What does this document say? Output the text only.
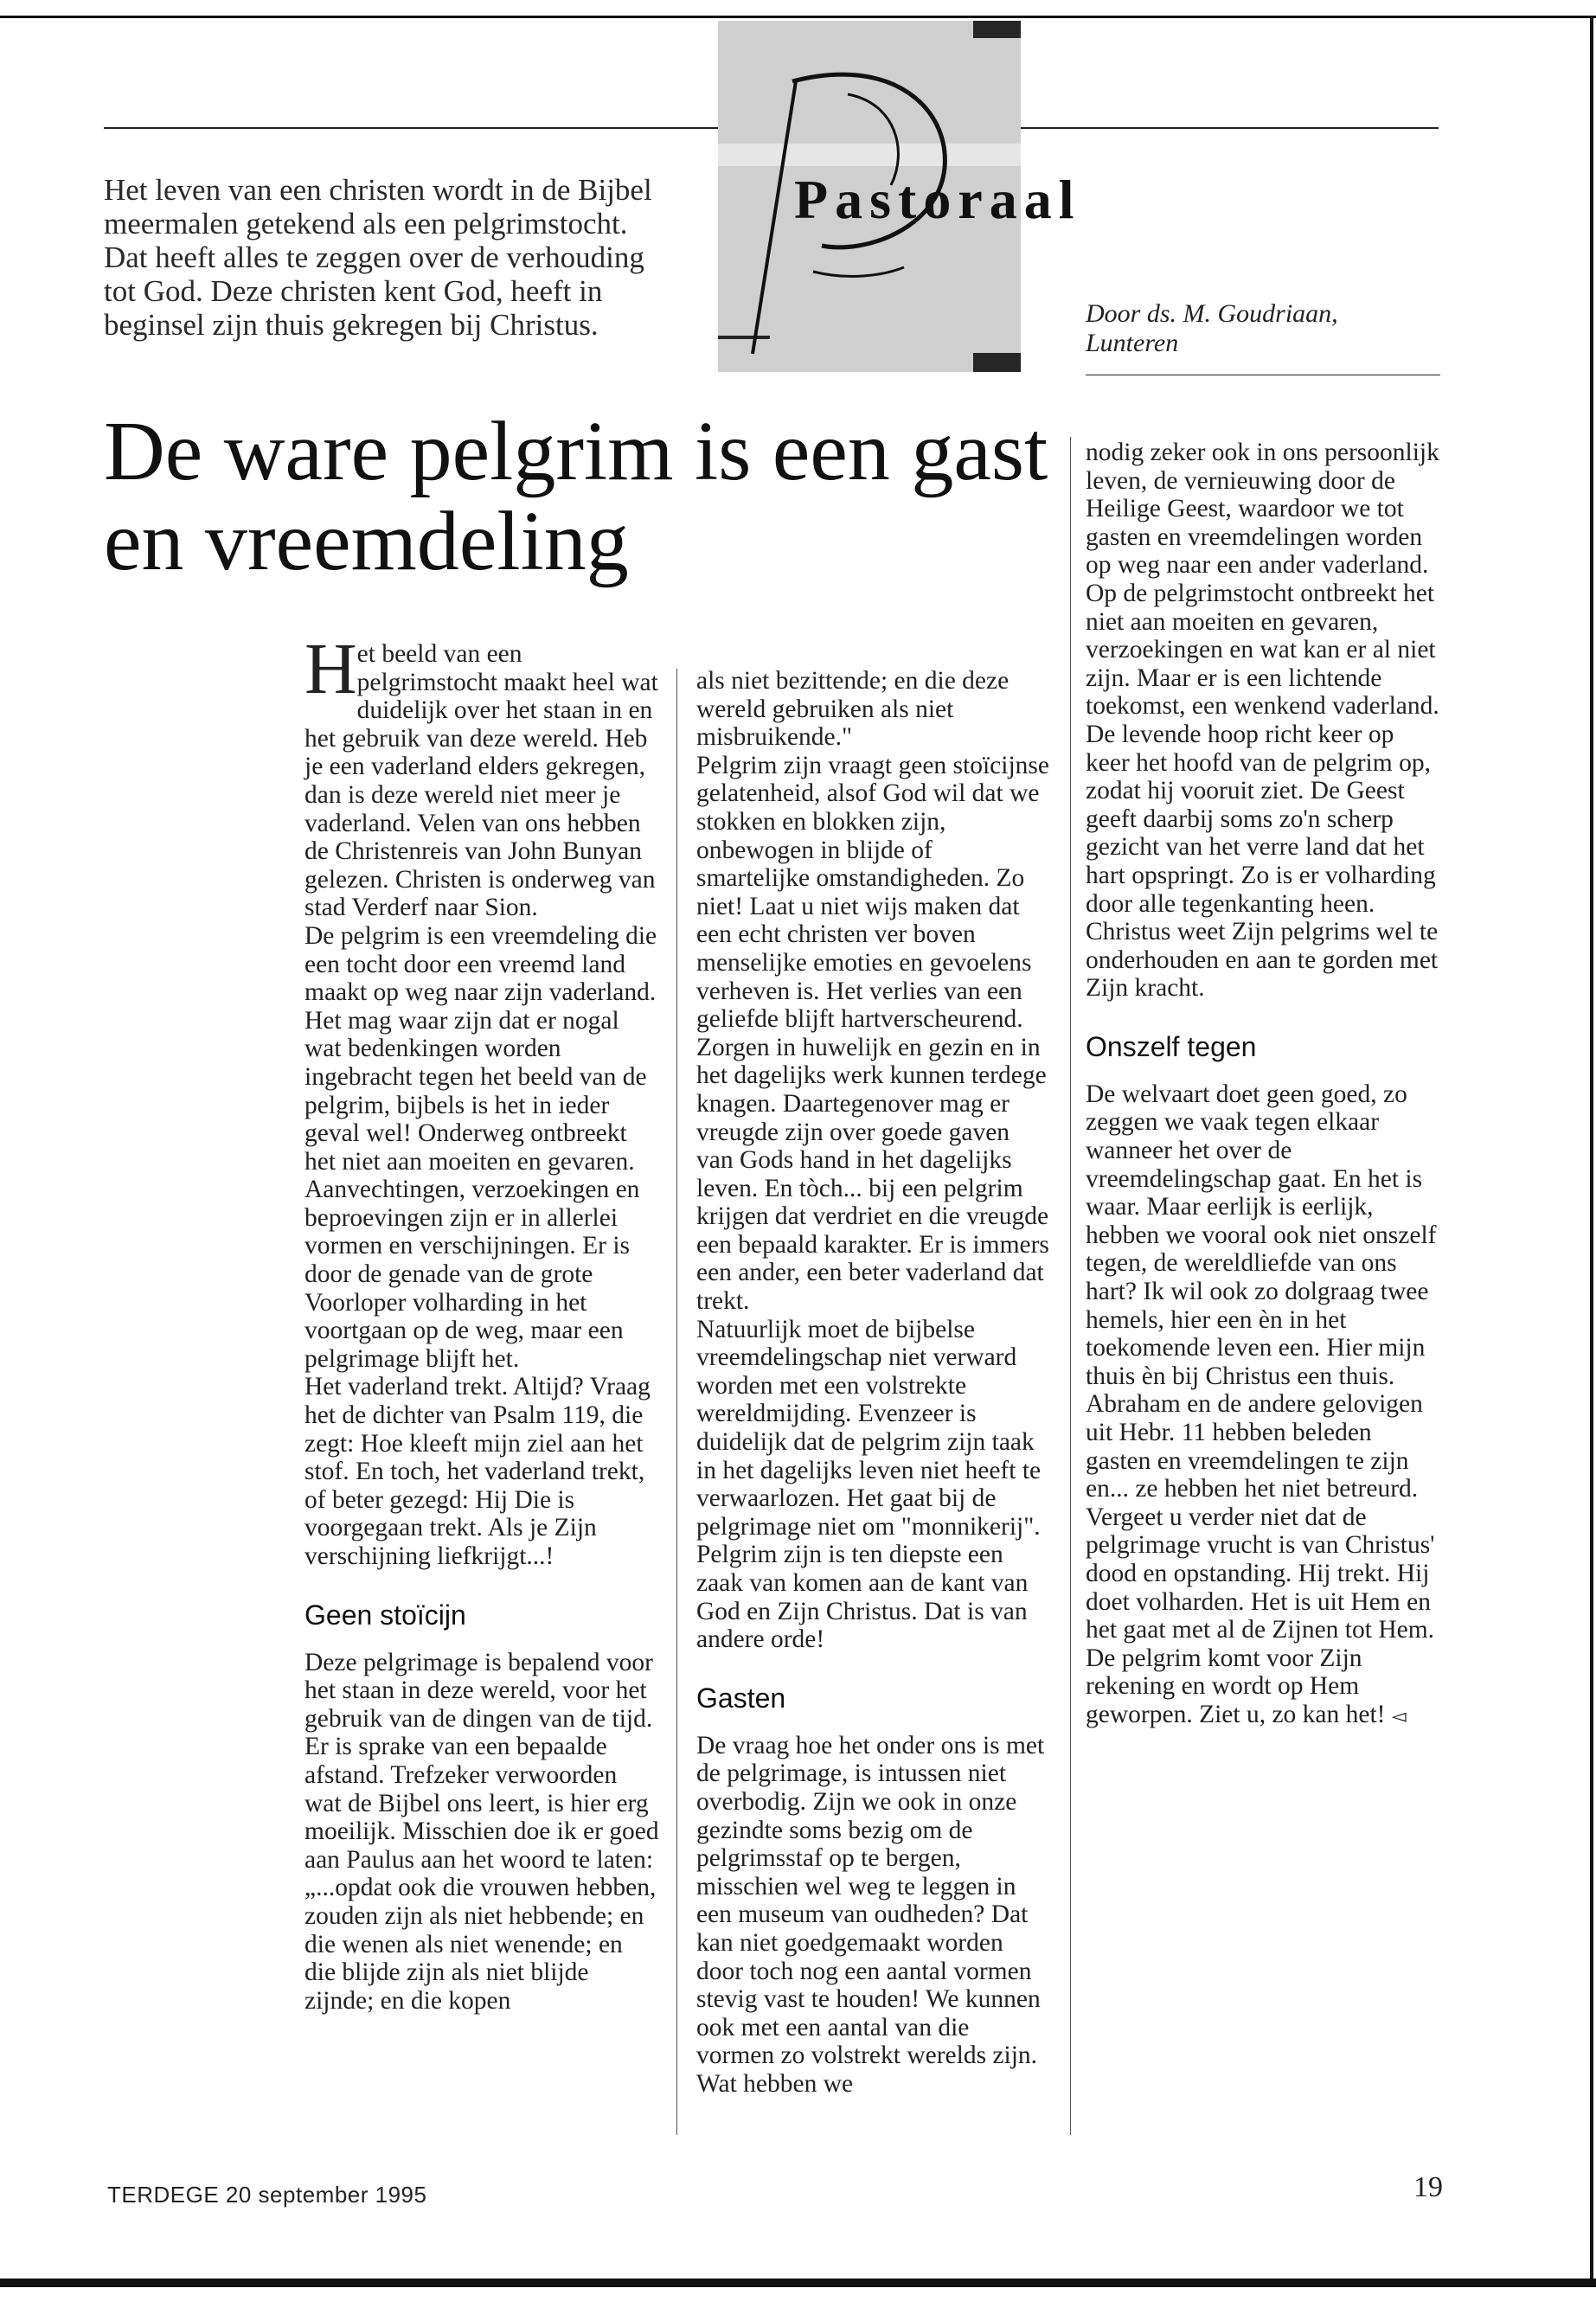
Het leven van een christen wordt in de Bijbel meermalen getekend als een pelgrimstocht. Dat heeft alles te zeggen over de verhouding tot God. Deze christen kent God, heeft in beginsel zijn thuis gekregen bij Christus.
Pastoraal
Door ds. M. Goudriaan,
Lunteren
De ware pelgrim is een gast
en vreemdeling

Het beeld van een pelgrimstocht maakt heel wat duidelijk over het staan in en het gebruik van deze wereld. Heb je een vaderland elders gekregen, dan is deze wereld niet meer je vaderland. Velen van ons hebben de Christenreis van John Bunyan gelezen. Christen is onderweg van stad Verderf naar Sion.

De pelgrim is een vreemdeling die een tocht door een vreemd land maakt op weg naar zijn vaderland. Het mag waar zijn dat er nogal wat bedenkingen worden ingebracht tegen het beeld van de pelgrim, bijbels is het in ieder geval wel! Onderweg ontbreekt het niet aan moeiten en gevaren. Aanvechtingen, verzoekingen en beproevingen zijn er in allerlei vormen en verschijningen. Er is door de genade van de grote Voorloper volharding in het voortgaan op de weg, maar een pelgrimage blijft het.

Het vaderland trekt. Altijd? Vraag het de dichter van Psalm 119, die zegt: Hoe kleeft mijn ziel aan het stof. En toch, het vaderland trekt, of beter gezegd: Hij Die is voorgegaan trekt. Als je Zijn verschijning liefkrijgt...!

Geen stoïcijn

Deze pelgrimage is bepalend voor het staan in deze wereld, voor het gebruik van de dingen van de tijd. Er is sprake van een bepaalde afstand. Trefzeker verwoorden wat de Bijbel ons leert, is hier erg moeilijk. Misschien doe ik er goed aan Paulus aan het woord te laten:

„...opdat ook die vrouwen hebben, zouden zijn als niet hebbende; en die wenen als niet wenende; en die blijde zijn als niet blijde zijnde; en die kopen

als niet bezittende; en die deze wereld gebruiken als niet misbruikende."

Pelgrim zijn vraagt geen stoïcijnse gelatenheid, alsof God wil dat we stokken en blokken zijn, onbewogen in blijde of smartelijke omstandigheden. Zo niet! Laat u niet wijs maken dat een echt christen ver boven menselijke emoties en gevoelens verheven is. Het verlies van een geliefde blijft hartverscheurend. Zorgen in huwelijk en gezin en in het dagelijks werk kunnen terdege knagen. Daartegenover mag er vreugde zijn over goede gaven van Gods hand in het dagelijks leven. En tòch... bij een pelgrim krijgen dat verdriet en die vreugde een bepaald karakter. Er is immers een ander, een beter vaderland dat trekt.

Natuurlijk moet de bijbelse vreemdelingschap niet verward worden met een volstrekte wereldmijding. Evenzeer is duidelijk dat de pelgrim zijn taak in het dagelijks leven niet heeft te verwaarlozen. Het gaat bij de pelgrimage niet om "monnikerij". Pelgrim zijn is ten diepste een zaak van komen aan de kant van God en Zijn Christus. Dat is van andere orde!

Gasten

De vraag hoe het onder ons is met de pelgrimage, is intussen niet overbodig. Zijn we ook in onze gezindte soms bezig om de pelgrimsstaf op te bergen, misschien wel weg te leggen in een museum van oudheden? Dat kan niet goedgemaakt worden door toch nog een aantal vormen stevig vast te houden! We kunnen ook met een aantal van die vormen zo volstrekt werelds zijn. Wat hebben we

nodig zeker ook in ons persoonlijk leven, de vernieuwing door de Heilige Geest, waardoor we tot gasten en vreemdelingen worden op weg naar een ander vaderland.

Op de pelgrimstocht ontbreekt het niet aan moeiten en gevaren, verzoekingen en wat kan er al niet zijn. Maar er is een lichtende toekomst, een wenkend vaderland. De levende hoop richt keer op keer het hoofd van de pelgrim op, zodat hij vooruit ziet. De Geest geeft daarbij soms zo'n scherp gezicht van het verre land dat het hart opspringt. Zo is er volharding door alle tegenkanting heen. Christus weet Zijn pelgrims wel te onderhouden en aan te gorden met Zijn kracht.

Onszelf tegen

De welvaart doet geen goed, zo zeggen we vaak tegen elkaar wanneer het over de vreemdelingschap gaat. En het is waar. Maar eerlijk is eerlijk, hebben we vooral ook niet onszelf tegen, de wereldliefde van ons hart? Ik wil ook zo dolgraag twee hemels, hier een èn in het toekomende leven een. Hier mijn thuis èn bij Christus een thuis. Abraham en de andere gelovigen uit Hebr. 11 hebben beleden gasten en vreemdelingen te zijn en... ze hebben het niet betreurd.

Vergeet u verder niet dat de pelgrimage vrucht is van Christus' dood en opstanding. Hij trekt. Hij doet volharden. Het is uit Hem en het gaat met al de Zijnen tot Hem. De pelgrim komt voor Zijn rekening en wordt op Hem geworpen. Ziet u, zo kan het! ◅

TERDEGE 20 september 1995	19
